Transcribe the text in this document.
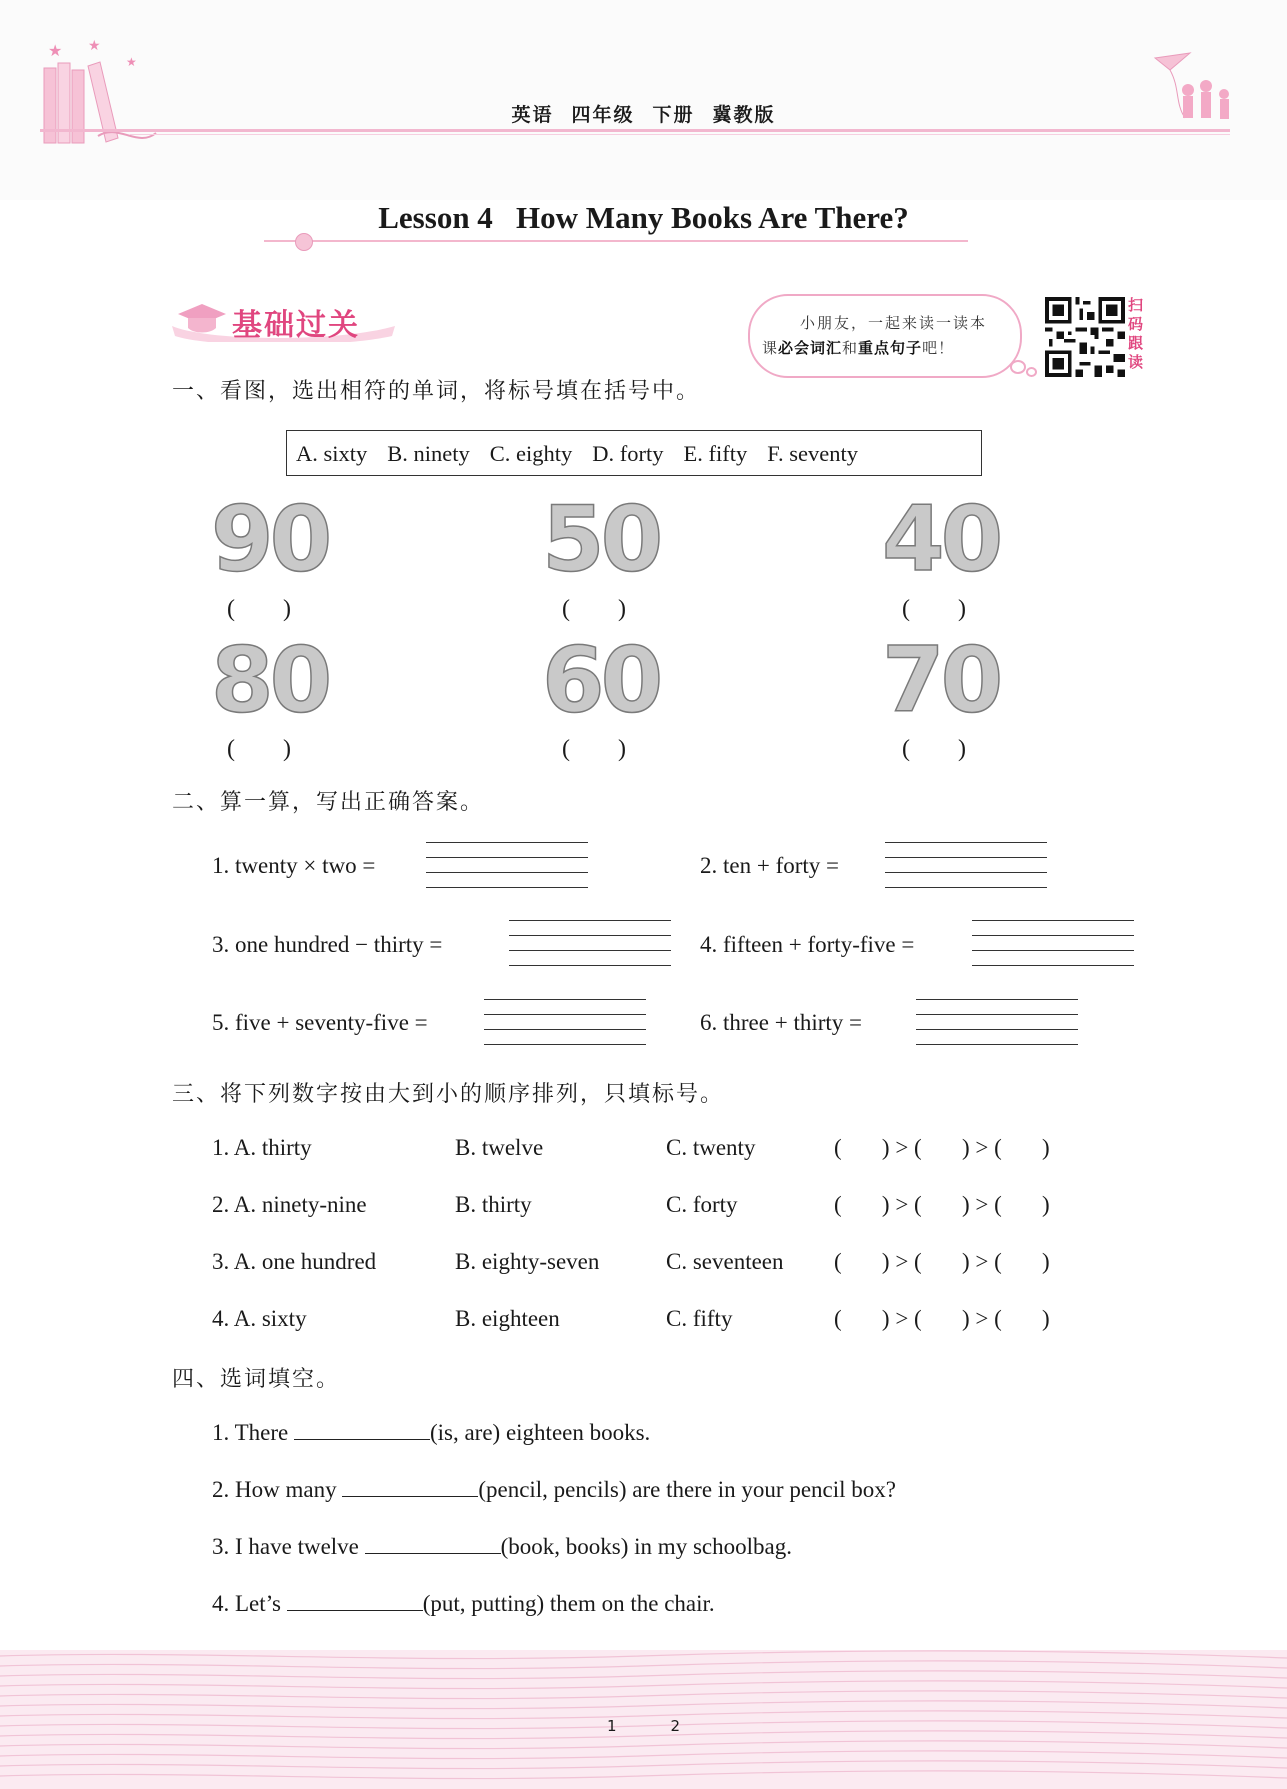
★ ★
★
英语 四年级 下册 冀教版
Lesson 4   How Many Books Are There?
基础过关	小朋友，一起来读一读本
课必会词汇和重点句子吧！
扫
码
跟
读
一、看图，选出相符的单词，将标号填在括号中。
A. sixty B. ninety C. eighty D. forty E. fifty F. seventy
90 50 40
(　　)	(　　)	(　　)
80 60 70
(　　)	(　　)	(　　)
二、算一算，写出正确答案。
1. twenty × two =	2. ten + forty =
3. one hundred − thirty =	4. fifteen + forty-five =
5. five + seventy-five =	6. three + thirty =
三、将下列数字按由大到小的顺序排列，只填标号。
1. A. thirty	B. twelve	C. twenty	(       ) > (       ) > (       )
2. A. ninety-nine	B. thirty	C. forty	(       ) > (       ) > (       )
3. A. one hundred	B. eighty-seven	C. seventeen (       ) > (       ) > (       )
4. A. sixty	B. eighteen	C. fifty	(       ) > (       ) > (       )
四、选词填空。
1. There	(is, are) eighteen books.
2. How many	(pencil, pencils) are there in your pencil box?
3. I have twelve	(book, books) in my schoolbag.
4. Let’s	(put, putting) them on the chair.
1	2
